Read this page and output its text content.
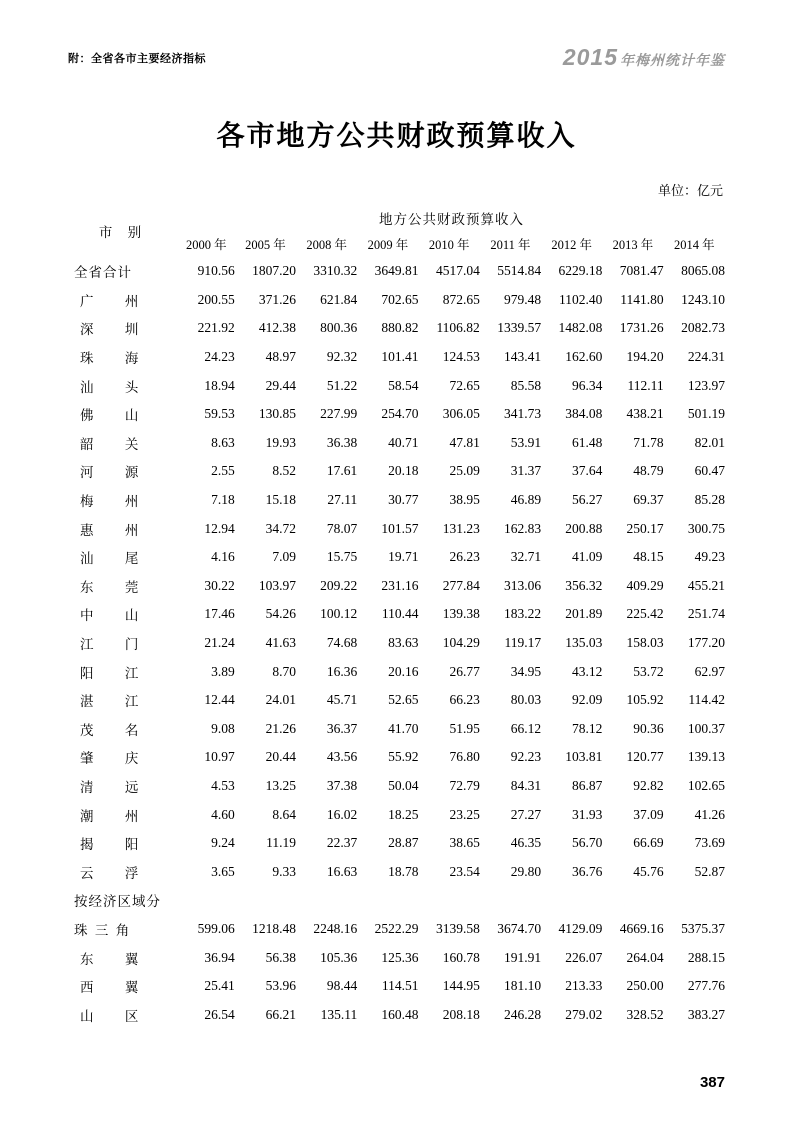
附：全省各市主要经济指标	2015 年梅州统计年鉴
各市地方公共财政预算收入
单位：亿元
市 别	地方公共财政预算收入								
	2000 年	2005 年	2008 年	2009 年	2010 年	2011 年	2012 年	2013 年	2014 年
全省合计	910.56	1807.20	3310.32	3649.81	4517.04	5514.84	6229.18	7081.47	8065.08
广 州	200.55	371.26	621.84	702.65	872.65	979.48	1102.40	1141.80	1243.10
深 圳	221.92	412.38	800.36	880.82	1106.82	1339.57	1482.08	1731.26	2082.73
珠 海	24.23	48.97	92.32	101.41	124.53	143.41	162.60	194.20	224.31
汕 头	18.94	29.44	51.22	58.54	72.65	85.58	96.34	112.11	123.97
佛 山	59.53	130.85	227.99	254.70	306.05	341.73	384.08	438.21	501.19
韶 关	8.63	19.93	36.38	40.71	47.81	53.91	61.48	71.78	82.01
河 源	2.55	8.52	17.61	20.18	25.09	31.37	37.64	48.79	60.47
梅 州	7.18	15.18	27.11	30.77	38.95	46.89	56.27	69.37	85.28
惠 州	12.94	34.72	78.07	101.57	131.23	162.83	200.88	250.17	300.75
汕 尾	4.16	7.09	15.75	19.71	26.23	32.71	41.09	48.15	49.23
东 莞	30.22	103.97	209.22	231.16	277.84	313.06	356.32	409.29	455.21
中 山	17.46	54.26	100.12	110.44	139.38	183.22	201.89	225.42	251.74
江 门	21.24	41.63	74.68	83.63	104.29	119.17	135.03	158.03	177.20
阳 江	3.89	8.70	16.36	20.16	26.77	34.95	43.12	53.72	62.97
湛 江	12.44	24.01	45.71	52.65	66.23	80.03	92.09	105.92	114.42
茂 名	9.08	21.26	36.37	41.70	51.95	66.12	78.12	90.36	100.37
肇 庆	10.97	20.44	43.56	55.92	76.80	92.23	103.81	120.77	139.13
清 远	4.53	13.25	37.38	50.04	72.79	84.31	86.87	92.82	102.65
潮 州	4.60	8.64	16.02	18.25	23.25	27.27	31.93	37.09	41.26
揭 阳	9.24	11.19	22.37	28.87	38.65	46.35	56.70	66.69	73.69
云 浮	3.65	9.33	16.63	18.78	23.54	29.80	36.76	45.76	52.87
按经济区域分									
珠 三 角	599.06	1218.48	2248.16	2522.29	3139.58	3674.70	4129.09	4669.16	5375.37
东 翼	36.94	56.38	105.36	125.36	160.78	191.91	226.07	264.04	288.15
西 翼	25.41	53.96	98.44	114.51	144.95	181.10	213.33	250.00	277.76
山 区	26.54	66.21	135.11	160.48	208.18	246.28	279.02	328.52	383.27
387
